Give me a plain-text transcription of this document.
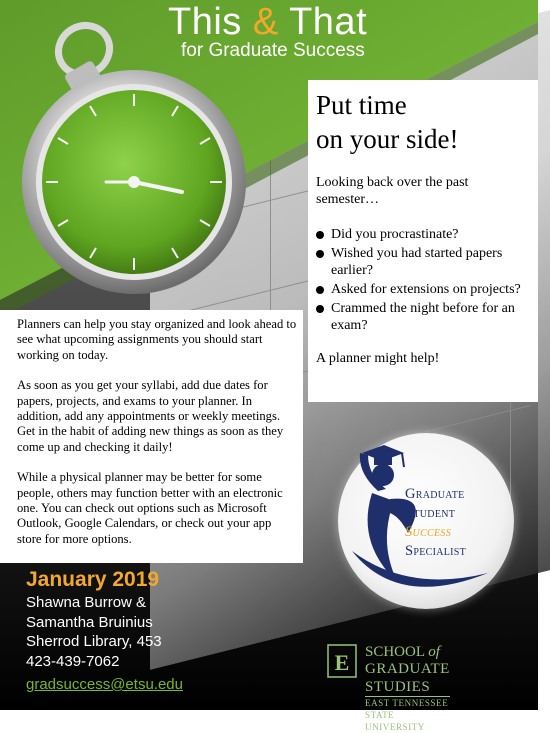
This & That
for Graduate Success
Put time
on your side!
Looking back over the past semester…
Did you procrastinate?
Wished you had started papers earlier?
Asked for extensions on projects?
Crammed the night before for an exam?
A planner might help!

Planners can help you stay organized and look ahead to see what upcoming assignments you should start working on today.

As soon as you get your syllabi, add due dates for papers, projects, and exams to your planner. In addition, add any appointments or weekly meetings. Get in the habit of adding new things as soon as they come up and checking it daily!

While a physical planner may be better for some people, others may function better with an electronic one. You can check out options such as Microsoft Outlook, Google Calendars, or check out your app store for more options.

January 2019
Shawna Burrow &
Samantha Bruinius
Sherrod Library, 453
423-439-7062
gradsuccess@etsu.edu
Graduate
Student
Success
Specialist
E SCHOOL of
GRADUATE STUDIES
EAST TENNESSEE STATE UNIVERSITY
